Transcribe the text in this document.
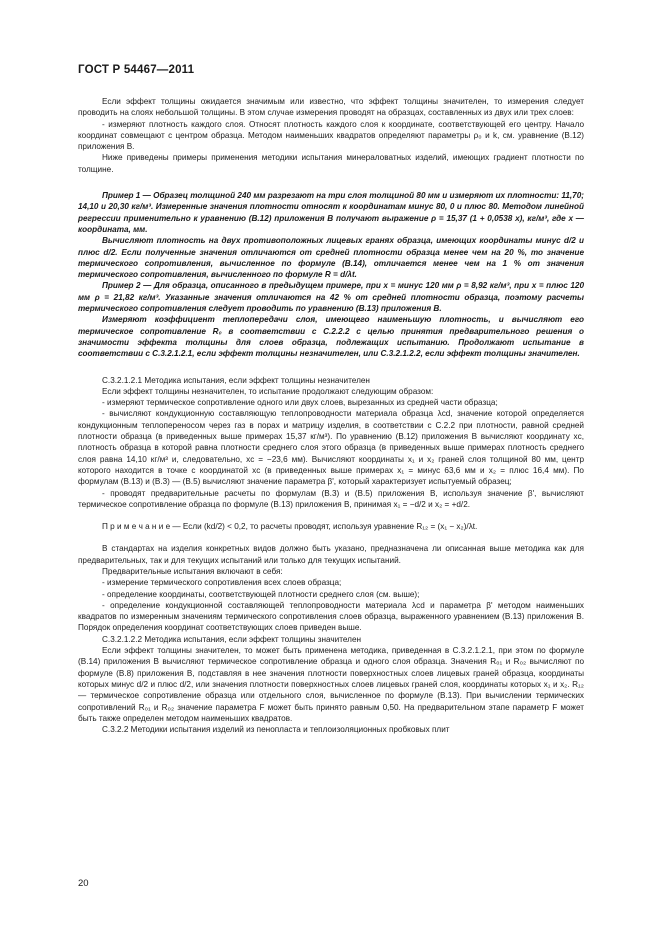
ГОСТ Р 54467—2011

Если эффект толщины ожидается значимым или известно, что эффект толщины значителен, то измерения следует проводить на слоях небольшой толщины. В этом случае измерения проводят на образцах, составленных из двух или трех слоев:

- измеряют плотность каждого слоя. Относят плотность каждого слоя к координате, соответствующей его центру. Начало координат совмещают с центром образца. Методом наименьших квадратов определяют параметры ρ₀ и k, см. уравнение (В.12) приложения В.

Ниже приведены примеры применения методики испытания минераловатных изделий, имеющих градиент плотности по толщине.

Пример 1 — Образец толщиной 240 мм разрезают на три слоя толщиной 80 мм и измеряют их плотности: 11,70; 14,10 и 20,30 кг/м³. Измеренные значения плотности относят к координатам минус 80, 0 и плюс 80. Методом линейной регрессии применительно к уравнению (В.12) приложения В получают выражение ρ = 15,37 (1 + 0,0538 x), кг/м³, где x — координата, мм.

Вычисляют плотность на двух противоположных лицевых гранях образца, имеющих координаты минус d/2 и плюс d/2. Если полученные значения отличаются от средней плотности образца менее чем на 20 %, то значение термического сопротивления, вычисленное по формуле (В.14), отличается менее чем на 1 % от значения термического сопротивления, вычисленного по формуле R = d/λt.

Пример 2 — Для образца, описанного в предыдущем примере, при x = минус 120 мм ρ = 8,92 кг/м³, при x = плюс 120 мм ρ = 21,82 кг/м³. Указанные значения отличаются на 42 % от средней плотности образца, поэтому расчеты термического сопротивления следует проводить по уравнению (В.13) приложения В.

Измеряют коэффициент теплопередачи слоя, имеющего наименьшую плотность, и вычисляют его термическое сопротивление R₀ в соответствии с С.2.2.2 с целью принятия предварительного решения о значимости эффекта толщины для слоев образца, подлежащих испытанию. Продолжают испытание в соответствии с С.3.2.1.2.1, если эффект толщины незначителен, или С.3.2.1.2.2, если эффект толщины значителен.

С.3.2.1.2.1 Методика испытания, если эффект толщины незначителен

Если эффект толщины незначителен, то испытание продолжают следующим образом:

- измеряют термическое сопротивление одного или двух слоев, вырезанных из средней части образца;

- вычисляют кондукционную составляющую теплопроводности материала образца λcd, значение которой определяется кондукционным теплопереносом через газ в порах и матрицу изделия, в соответствии с С.2.2 при плотности, равной средней плотности образца (в приведенных выше примерах 15,37 кг/м³). По уравнению (В.12) приложения В вычисляют координату xc, плотность образца в которой равна плотности среднего слоя этого образца (в приведенных выше примерах плотность среднего слоя равна 14,10 кг/м³ и, следовательно, xc = −23,6 мм). Вычисляют координаты x₁ и x₂ граней слоя толщиной 80 мм, центр которого находится в точке с координатой xc (в приведенных выше примерах x₁ = минус 63,6 мм и x₂ = плюс 16,4 мм). По формулам (В.13) и (В.3) — (В.5) вычисляют значение параметра β', который характеризует испытуемый образец;

- проводят предварительные расчеты по формулам (В.3) и (В.5) приложения В, используя значение β', вычисляют термическое сопротивление образца по формуле (В.13) приложения В, принимая x₁ = −d/2 и x₂ = +d/2.

П р и м е ч а н и е — Если (kd/2) < 0,2, то расчеты проводят, используя уравнение R₁₂ = (x₁ − x₂)/λt.

В стандартах на изделия конкретных видов должно быть указано, предназначена ли описанная выше методика как для предварительных, так и для текущих испытаний или только для текущих испытаний.

Предварительные испытания включают в себя:

- измерение термического сопротивления всех слоев образца;

- определение координаты, соответствующей плотности среднего слоя (см. выше);

- определение кондукционной составляющей теплопроводности материала λcd и параметра β' методом наименьших квадратов по измеренным значениям термического сопротивления слоев образца, выраженного уравнением (В.13) приложения В. Порядок определения координат соответствующих слоев приведен выше.

С.3.2.1.2.2 Методика испытания, если эффект толщины значителен

Если эффект толщины значителен, то может быть применена методика, приведенная в С.3.2.1.2.1, при этом по формуле (В.14) приложения В вычисляют термическое сопротивление образца и одного слоя образца. Значения R₀₁ и R₀₂ вычисляют по формуле (В.8) приложения В, подставляя в нее значения плотности поверхностных слоев лицевых граней образца, координаты которых минус d/2 и плюс d/2, или значения плотности поверхностных слоев лицевых граней слоя, координаты которых x₁ и x₂. R₁₂ — термическое сопротивление образца или отдельного слоя, вычисленное по формуле (В.13). При вычислении термических сопротивлений R₀₁ и R₀₂ значение параметра F может быть принято равным 0,50. На предварительном этапе параметр F может быть также определен методом наименьших квадратов.

С.3.2.2 Методики испытания изделий из пенопласта и теплоизоляционных пробковых плит

20
